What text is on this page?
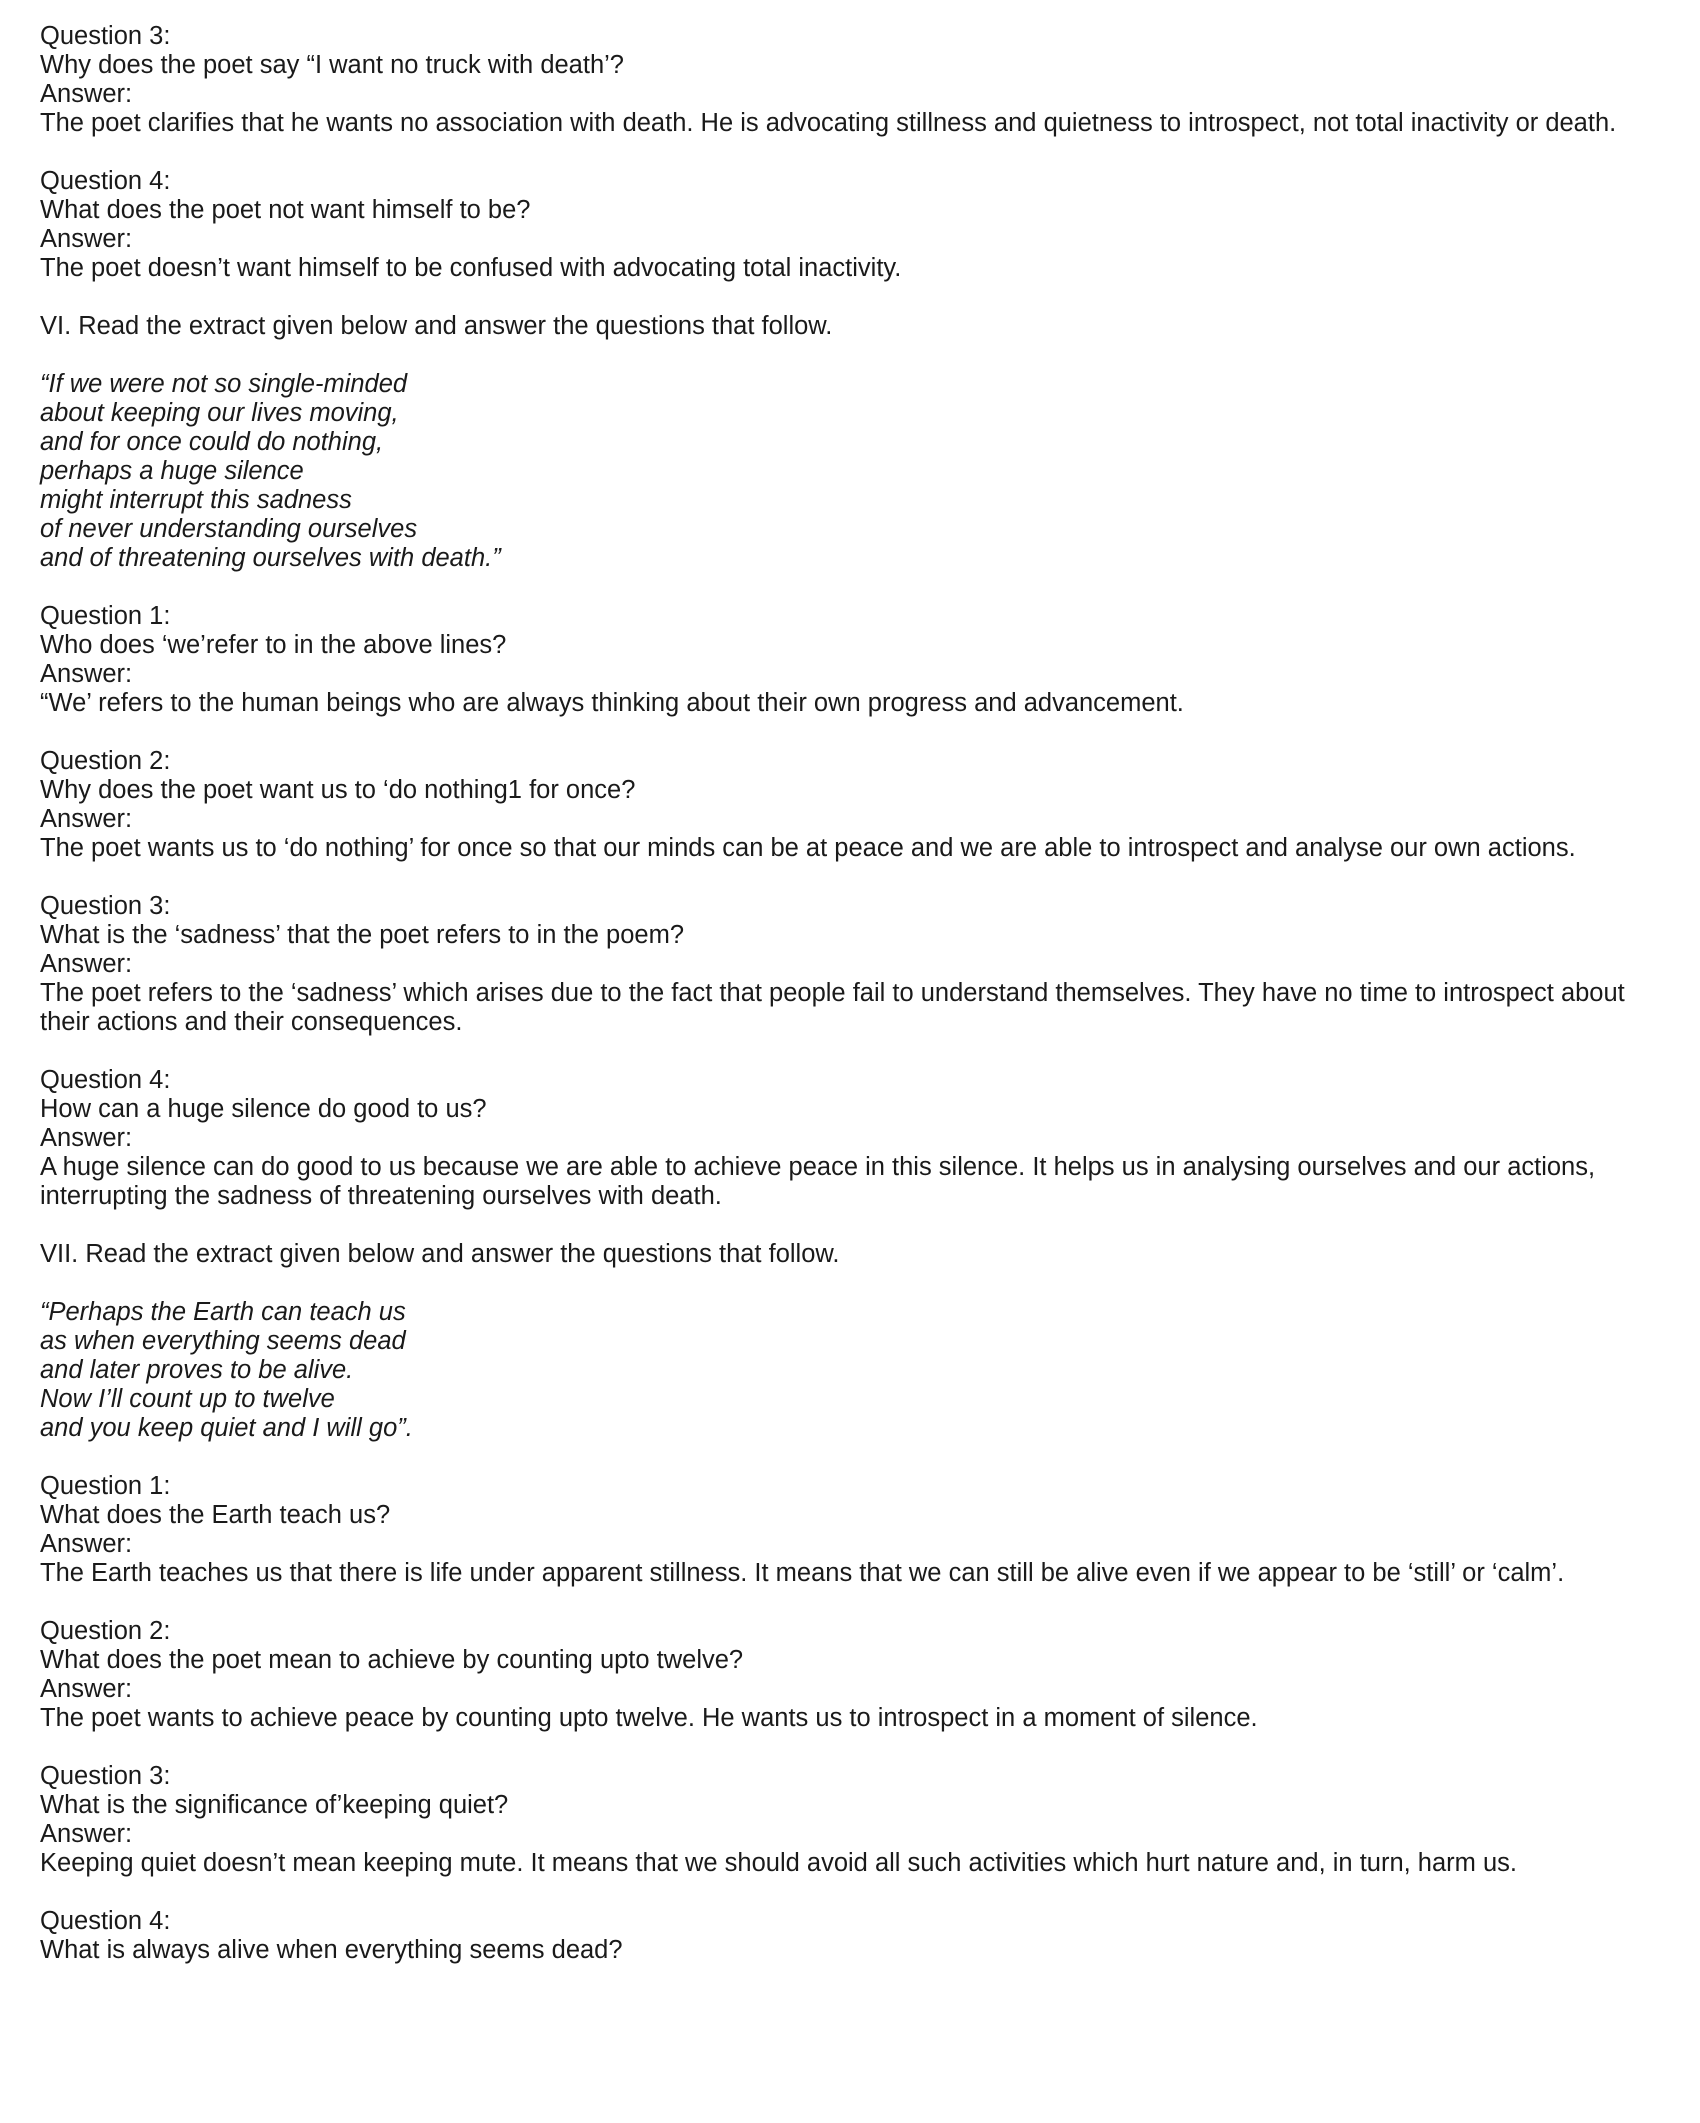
Question 3:
Why does the poet say “I want no truck with death’?
Answer:
The poet clarifies that he wants no association with death. He is advocating stillness and quietness to introspect, not total inactivity or death.
Question 4:
What does the poet not want himself to be?
Answer:
The poet doesn’t want himself to be confused with advocating total inactivity.
VI. Read the extract given below and answer the questions that follow.
“If we were not so single-minded
about keeping our lives moving,
and for once could do nothing,
perhaps a huge silence
might interrupt this sadness
of never understanding ourselves
and of threatening ourselves with death.”
Question 1:
Who does ‘we’refer to in the above lines?
Answer:
“We’ refers to the human beings who are always thinking about their own progress and advancement.
Question 2:
Why does the poet want us to ‘do nothing1 for once?
Answer:
The poet wants us to ‘do nothing’ for once so that our minds can be at peace and we are able to introspect and analyse our own actions.
Question 3:
What is the ‘sadness’ that the poet refers to in the poem?
Answer:
The poet refers to the ‘sadness’ which arises due to the fact that people fail to understand themselves. They have no time to introspect about their actions and their consequences.
Question 4:
How can a huge silence do good to us?
Answer:
A huge silence can do good to us because we are able to achieve peace in this silence. It helps us in analysing ourselves and our actions, interrupting the sadness of threatening ourselves with death.
VII. Read the extract given below and answer the questions that follow.
“Perhaps the Earth can teach us
as when everything seems dead
and later proves to be alive.
Now I’ll count up to twelve
and you keep quiet and I will go”.
Question 1:
What does the Earth teach us?
Answer:
The Earth teaches us that there is life under apparent stillness. It means that we can still be alive even if we appear to be ‘still’ or ‘calm’.
Question 2:
What does the poet mean to achieve by counting upto twelve?
Answer:
The poet wants to achieve peace by counting upto twelve. He wants us to introspect in a moment of silence.
Question 3:
What is the significance of’keeping quiet?
Answer:
Keeping quiet doesn’t mean keeping mute. It means that we should avoid all such activities which hurt nature and, in turn, harm us.
Question 4:
What is always alive when everything seems dead?
